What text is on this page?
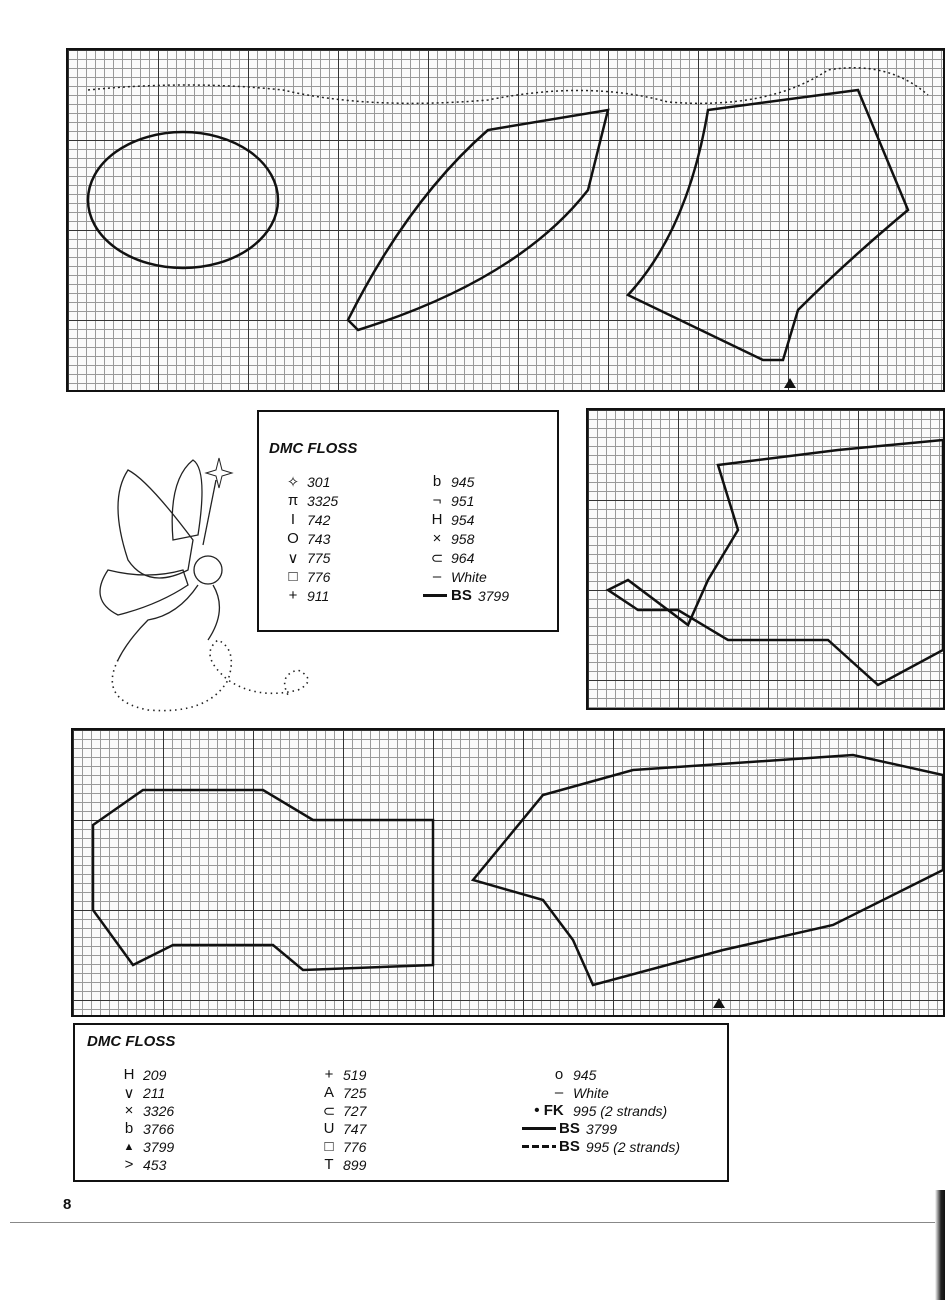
DMC FLOSS
✧ 301
π 3325
I 742
O 743
∨ 775
□ 776
+ 911
b 945
¬ 951
H 954
× 958
⊂ 964
– White
BS 3799
DMC FLOSS
H 209
∨ 211
× 3326
b 3766
▲ 3799
> 453
+ 519
A 725
⊂ 727
U 747
□ 776
T 899
o 945
– White
• FK 995 (2 strands)
BS 3799
BS 995 (2 strands)
8
